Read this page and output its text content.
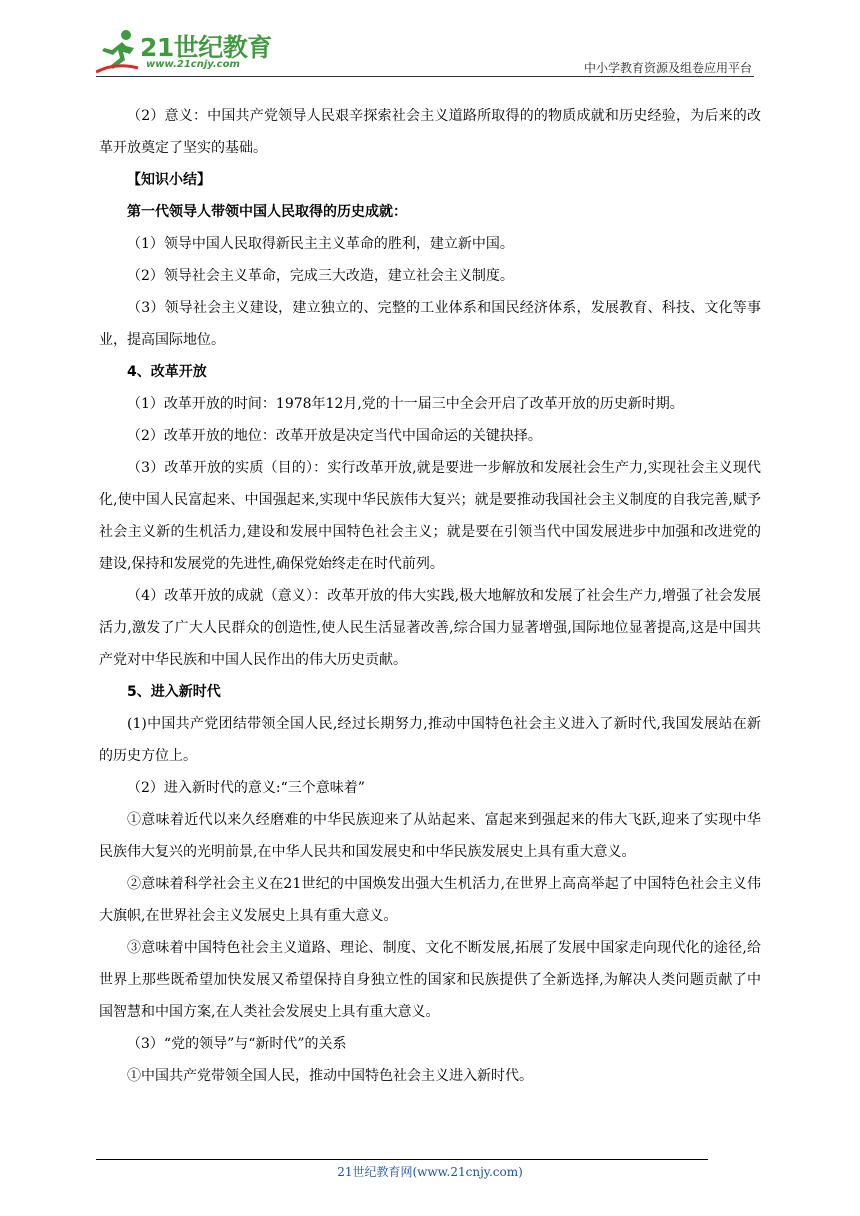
21世纪教育
www.21cnjy.com	中小学教育资源及组卷应用平台

（2）意义：中国共产党领导人民艰辛探索社会主义道路所取得的的物质成就和历史经验，为后来的改革开放奠定了坚实的基础。

【知识小结】

第一代领导人带领中国人民取得的历史成就：

（1）领导中国人民取得新民主主义革命的胜利，建立新中国。

（2）领导社会主义革命，完成三大改造，建立社会主义制度。

（3）领导社会主义建设，建立独立的、完整的工业体系和国民经济体系，发展教育、科技、文化等事业，提高国际地位。

4、改革开放

（1）改革开放的时间：1978年12月,党的十一届三中全会开启了改革开放的历史新时期。

（2）改革开放的地位：改革开放是决定当代中国命运的关键抉择。

（3）改革开放的实质（目的）：实行改革开放,就是要进一步解放和发展社会生产力,实现社会主义现代化,使中国人民富起来、中国强起来,实现中华民族伟大复兴；就是要推动我国社会主义制度的自我完善,赋予社会主义新的生机活力,建设和发展中国特色社会主义；就是要在引领当代中国发展进步中加强和改进党的建设,保持和发展党的先进性,确保党始终走在时代前列。

（4）改革开放的成就（意义）：改革开放的伟大实践,极大地解放和发展了社会生产力,增强了社会发展活力,激发了广大人民群众的创造性,使人民生活显著改善,综合国力显著增强,国际地位显著提高,这是中国共产党对中华民族和中国人民作出的伟大历史贡献。

5、进入新时代

(1)中国共产党团结带领全国人民,经过长期努力,推动中国特色社会主义进入了新时代,我国发展站在新的历史方位上。

（2）进入新时代的意义:“三个意味着”

①意味着近代以来久经磨难的中华民族迎来了从站起来、富起来到强起来的伟大飞跃,迎来了实现中华民族伟大复兴的光明前景,在中华人民共和国发展史和中华民族发展史上具有重大意义。

②意味着科学社会主义在21世纪的中国焕发出强大生机活力,在世界上高高举起了中国特色社会主义伟大旗帜,在世界社会主义发展史上具有重大意义。

③意味着中国特色社会主义道路、理论、制度、文化不断发展,拓展了发展中国家走向现代化的途径,给世界上那些既希望加快发展又希望保持自身独立性的国家和民族提供了全新选择,为解决人类问题贡献了中国智慧和中国方案,在人类社会发展史上具有重大意义。

（3）“党的领导”与“新时代”的关系

①中国共产党带领全国人民，推动中国特色社会主义进入新时代。

21世纪教育网(www.21cnjy.com)
